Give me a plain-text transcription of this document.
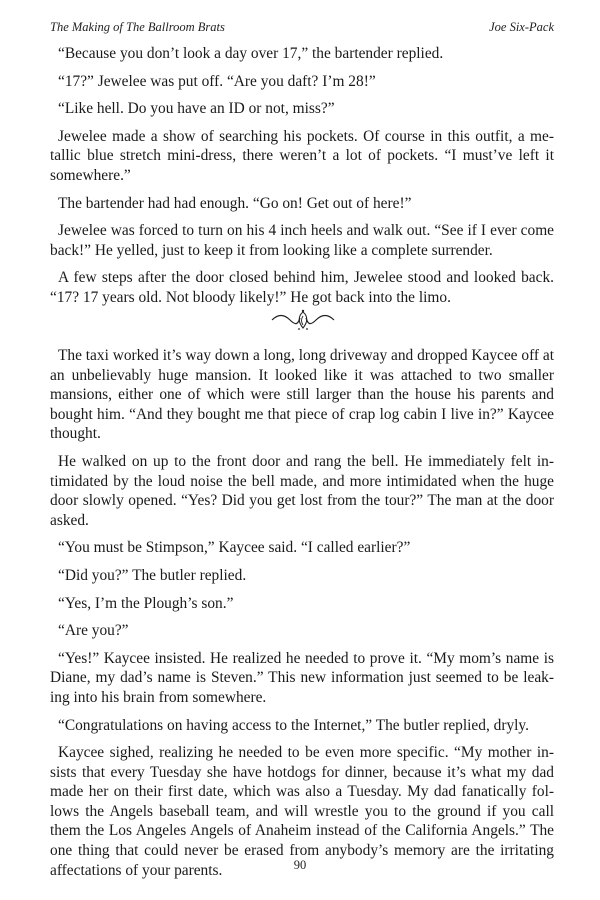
The Making of The Ballroom Brats	Joe Six-Pack

“Because you don’t look a day over 17,” the bartender replied.

“17?” Jewelee was put off. “Are you daft? I’m 28!”

“Like hell. Do you have an ID or not, miss?”

Jewelee made a show of searching his pockets. Of course in this outfit, a metallic blue stretch mini-dress, there weren’t a lot of pockets. “I must’ve left it somewhere.”

The bartender had had enough. “Go on! Get out of here!”

Jewelee was forced to turn on his 4 inch heels and walk out. “See if I ever come back!” He yelled, just to keep it from looking like a complete surrender.

A few steps after the door closed behind him, Jewelee stood and looked back. “17? 17 years old. Not bloody likely!” He got back into the limo.

The taxi worked it’s way down a long, long driveway and dropped Kaycee off at an unbelievably huge mansion. It looked like it was attached to two smaller mansions, either one of which were still larger than the house his parents and bought him. “And they bought me that piece of crap log cabin I live in?” Kaycee thought.

He walked on up to the front door and rang the bell. He immediately felt intimidated by the loud noise the bell made, and more intimidated when the huge door slowly opened. “Yes? Did you get lost from the tour?” The man at the door asked.

“You must be Stimpson,” Kaycee said. “I called earlier?”

“Did you?” The butler replied.

“Yes, I’m the Plough’s son.”

“Are you?”

“Yes!” Kaycee insisted. He realized he needed to prove it. “My mom’s name is Diane, my dad’s name is Steven.” This new information just seemed to be leaking into his brain from somewhere.

“Congratulations on having access to the Internet,” The butler replied, dryly.

Kaycee sighed, realizing he needed to be even more specific. “My mother insists that every Tuesday she have hotdogs for dinner, because it’s what my dad made her on their first date, which was also a Tuesday. My dad fanatically follows the Angels baseball team, and will wrestle you to the ground if you call them the Los Angeles Angels of Anaheim instead of the California Angels.” The one thing that could never be erased from anybody’s memory are the irritating affectations of your parents.	90
